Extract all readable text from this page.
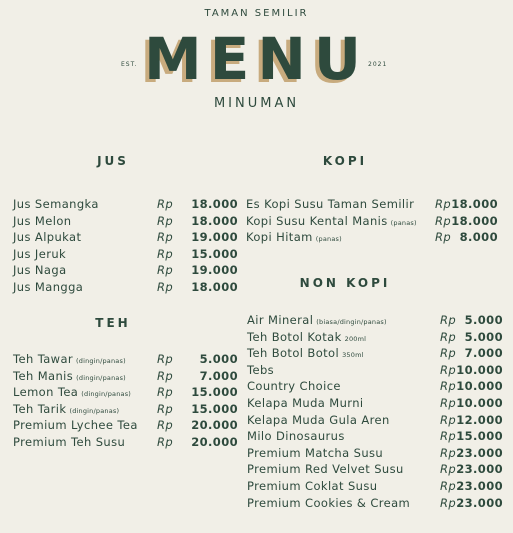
TAMAN SEMILIR
EST.	2021
MENU
MINUMAN
JUS
TEH
KOPI
NON KOPI
Jus Semangka	Rp 18.000
Jus Melon	Rp 18.000
Jus Alpukat	Rp 19.000
Jus Jeruk	Rp 15.000
Jus Naga	Rp 19.000
Jus Mangga	Rp 18.000
Teh Tawar (dingin/panas)	Rp	5.000
Teh Manis (dingin/panas)	Rp	7.000
Lemon Tea (dingin/panas) Rp 15.000
Teh Tarik (dingin/panas)	Rp 15.000
Premium Lychee Tea Rp 20.000
Premium Teh Susu	Rp 20.000
Es Kopi Susu Taman Semilir Rp 18.000
Kopi Susu Kental Manis (panas) Rp 18.000
Kopi Hitam (panas)	Rp 8.000
Air Mineral (biasa/dingin/panas)	Rp 5.000
Teh Botol Kotak 200ml	Rp 5.000
Teh Botol Botol 350ml	Rp 7.000
Tebs	Rp 10.000
Country Choice	Rp 10.000
Kelapa Muda Murni	Rp 10.000
Kelapa Muda Gula Aren	Rp 12.000
Milo Dinosaurus	Rp 15.000
Premium Matcha Susu	Rp 23.000
Premium Red Velvet Susu	Rp 23.000
Premium Coklat Susu	Rp 23.000
Premium Cookies & Cream	Rp 23.000
